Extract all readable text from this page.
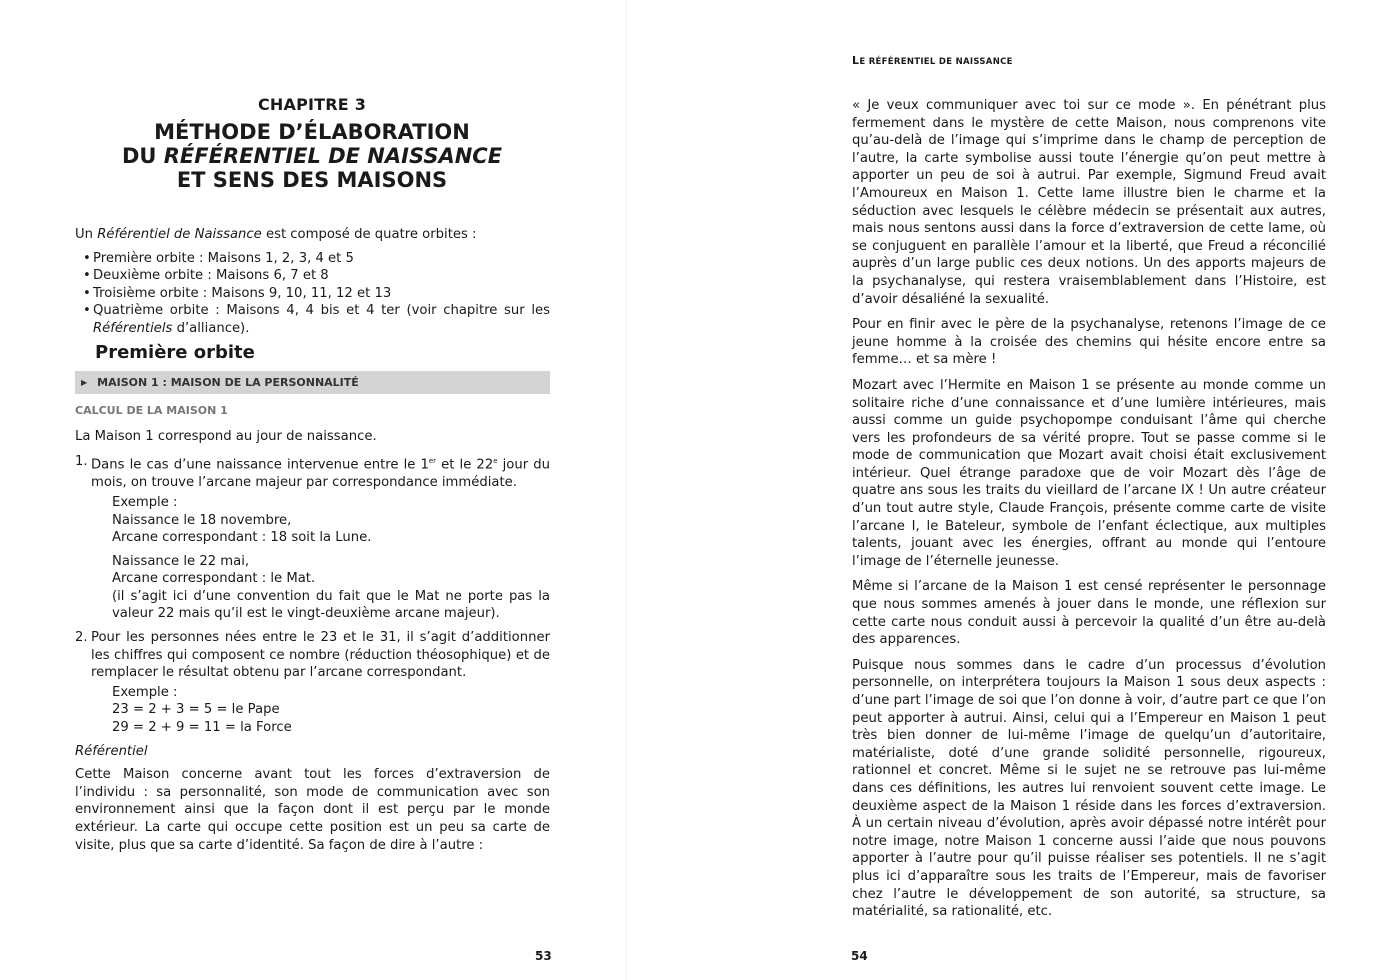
CHAPITRE 3
MÉTHODE D’ÉLABORATION
DU RÉFÉRENTIEL DE NAISSANCE
ET SENS DES MAISONS

Un Référentiel de Naissance est composé de quatre orbites :

• Première orbite : Maisons 1, 2, 3, 4 et 5
• Deuxième orbite : Maisons 6, 7 et 8
• Troisième orbite : Maisons 9, 10, 11, 12 et 13
• Quatrième orbite : Maisons 4, 4 bis et 4 ter (voir chapitre sur les Référentiels d’alliance).
Première orbite
▶ MAISON 1 : MAISON DE LA PERSONNALITÉ
CALCUL DE LA MAISON 1

La Maison 1 correspond au jour de naissance.

1. Dans le cas d’une naissance intervenue entre le 1er et le 22e jour du mois, on trouve l’arcane majeur par correspondance immédiate.
Exemple :
Naissance le 18 novembre,
Arcane correspondant : 18 soit la Lune.
Naissance le 22 mai,
Arcane correspondant : le Mat.
(il s’agit ici d’une convention du fait que le Mat ne porte pas la valeur 22 mais qu’il est le vingt-deuxième arcane majeur).
2. Pour les personnes nées entre le 23 et le 31, il s’agit d’additionner les chiffres qui composent ce nombre (réduction théosophique) et de remplacer le résultat obtenu par l’arcane correspondant.
Exemple :
23 = 2 + 3 = 5 = le Pape
29 = 2 + 9 = 11 = la Force
Référentiel

Cette Maison concerne avant tout les forces d’extraversion de l’individu : sa personnalité, son mode de communication avec son environnement ainsi que la façon dont il est perçu par le monde extérieur. La carte qui occupe cette position est un peu sa carte de visite, plus que sa carte d’identité. Sa façon de dire à l’autre :

53
LE RÉFÉRENTIEL DE NAISSANCE

« Je veux communiquer avec toi sur ce mode ». En pénétrant plus fermement dans le mystère de cette Maison, nous comprenons vite qu’au-delà de l’image qui s’imprime dans le champ de perception de l’autre, la carte symbolise aussi toute l’énergie qu’on peut mettre à apporter un peu de soi à autrui. Par exemple, Sigmund Freud avait l’Amoureux en Maison 1. Cette lame illustre bien le charme et la séduction avec lesquels le célèbre médecin se présentait aux autres, mais nous sentons aussi dans la force d’extraversion de cette lame, où se conjuguent en parallèle l’amour et la liberté, que Freud a réconcilié auprès d’un large public ces deux notions. Un des apports majeurs de la psychanalyse, qui restera vraisemblablement dans l’Histoire, est d’avoir désaliéné la sexualité.

Pour en finir avec le père de la psychanalyse, retenons l’image de ce jeune homme à la croisée des chemins qui hésite encore entre sa femme… et sa mère !

Mozart avec l’Hermite en Maison 1 se présente au monde comme un solitaire riche d’une connaissance et d’une lumière intérieures, mais aussi comme un guide psychopompe conduisant l’âme qui cherche vers les profondeurs de sa vérité propre. Tout se passe comme si le mode de communication que Mozart avait choisi était exclusivement intérieur. Quel étrange paradoxe que de voir Mozart dès l’âge de quatre ans sous les traits du vieillard de l’arcane IX ! Un autre créateur d’un tout autre style, Claude François, présente comme carte de visite l’arcane I, le Bateleur, symbole de l’enfant éclectique, aux multiples talents, jouant avec les énergies, offrant au monde qui l’entoure l’image de l’éternelle jeunesse.

Même si l’arcane de la Maison 1 est censé représenter le personnage que nous sommes amenés à jouer dans le monde, une réflexion sur cette carte nous conduit aussi à percevoir la qualité d’un être au-delà des apparences.

Puisque nous sommes dans le cadre d’un processus d’évolution personnelle, on interprétera toujours la Maison 1 sous deux aspects : d’une part l’image de soi que l’on donne à voir, d’autre part ce que l’on peut apporter à autrui. Ainsi, celui qui a l’Empereur en Maison 1 peut très bien donner de lui-même l’image de quelqu’un d’autoritaire, matérialiste, doté d’une grande solidité personnelle, rigoureux, rationnel et concret. Même si le sujet ne se retrouve pas lui-même dans ces définitions, les autres lui renvoient souvent cette image. Le deuxième aspect de la Maison 1 réside dans les forces d’extraversion. À un certain niveau d’évolution, après avoir dépassé notre intérêt pour notre image, notre Maison 1 concerne aussi l’aide que nous pouvons apporter à l’autre pour qu’il puisse réaliser ses potentiels. Il ne s’agit plus ici d’apparaître sous les traits de l’Empereur, mais de favoriser chez l’autre le développement de son autorité, sa structure, sa matérialité, sa rationalité, etc.

54
